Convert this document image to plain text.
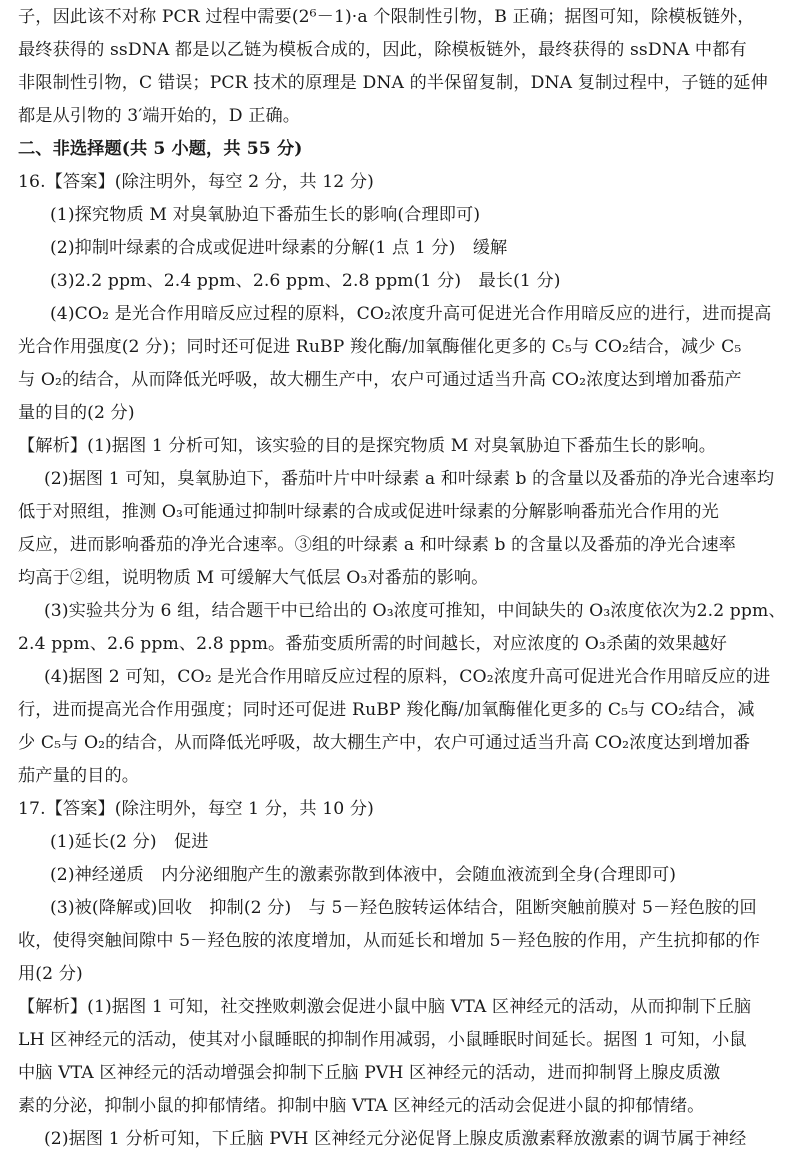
子，因此该不对称 PCR 过程中需要(2⁶－1)·a 个限制性引物，B 正确；据图可知，除模板链外，
最终获得的 ssDNA 都是以乙链为模板合成的，因此，除模板链外，最终获得的 ssDNA 中都有
非限制性引物，C 错误；PCR 技术的原理是 DNA 的半保留复制，DNA 复制过程中，子链的延伸
都是从引物的 3′端开始的，D 正确。
二、非选择题(共 5 小题，共 55 分)
16.【答案】(除注明外，每空 2 分，共 12 分)
(1)探究物质 M 对臭氧胁迫下番茄生长的影响(合理即可)
(2)抑制叶绿素的合成或促进叶绿素的分解(1 点 1 分)　缓解
(3)2.2 ppm、2.4 ppm、2.6 ppm、2.8 ppm(1 分)　最长(1 分)
(4)CO₂ 是光合作用暗反应过程的原料，CO₂浓度升高可促进光合作用暗反应的进行，进而提高
光合作用强度(2 分)；同时还可促进 RuBP 羧化酶/加氧酶催化更多的 C₅与 CO₂结合，减少 C₅
与 O₂的结合，从而降低光呼吸，故大棚生产中，农户可通过适当升高 CO₂浓度达到增加番茄产
量的目的(2 分)
【解析】(1)据图 1 分析可知，该实验的目的是探究物质 M 对臭氧胁迫下番茄生长的影响。
(2)据图 1 可知，臭氧胁迫下，番茄叶片中叶绿素 a 和叶绿素 b 的含量以及番茄的净光合速率均
低于对照组，推测 O₃可能通过抑制叶绿素的合成或促进叶绿素的分解影响番茄光合作用的光
反应，进而影响番茄的净光合速率。③组的叶绿素 a 和叶绿素 b 的含量以及番茄的净光合速率
均高于②组，说明物质 M 可缓解大气低层 O₃对番茄的影响。
(3)实验共分为 6 组，结合题干中已给出的 O₃浓度可推知，中间缺失的 O₃浓度依次为2.2 ppm、
2.4 ppm、2.6 ppm、2.8 ppm。番茄变质所需的时间越长，对应浓度的 O₃杀菌的效果越好
(4)据图 2 可知，CO₂ 是光合作用暗反应过程的原料，CO₂浓度升高可促进光合作用暗反应的进
行，进而提高光合作用强度；同时还可促进 RuBP 羧化酶/加氧酶催化更多的 C₅与 CO₂结合，减
少 C₅与 O₂的结合，从而降低光呼吸，故大棚生产中，农户可通过适当升高 CO₂浓度达到增加番
茄产量的目的。
17.【答案】(除注明外，每空 1 分，共 10 分)
(1)延长(2 分)　促进
(2)神经递质　内分泌细胞产生的激素弥散到体液中，会随血液流到全身(合理即可)
(3)被(降解或)回收　抑制(2 分)　与 5－羟色胺转运体结合，阻断突触前膜对 5－羟色胺的回
收，使得突触间隙中 5－羟色胺的浓度增加，从而延长和增加 5－羟色胺的作用，产生抗抑郁的作
用(2 分)
【解析】(1)据图 1 可知，社交挫败刺激会促进小鼠中脑 VTA 区神经元的活动，从而抑制下丘脑
LH 区神经元的活动，使其对小鼠睡眠的抑制作用减弱，小鼠睡眠时间延长。据图 1 可知，小鼠
中脑 VTA 区神经元的活动增强会抑制下丘脑 PVH 区神经元的活动，进而抑制肾上腺皮质激
素的分泌，抑制小鼠的抑郁情绪。抑制中脑 VTA 区神经元的活动会促进小鼠的抑郁情绪。
(2)据图 1 分析可知，下丘脑 PVH 区神经元分泌促肾上腺皮质激素释放激素的调节属于神经
